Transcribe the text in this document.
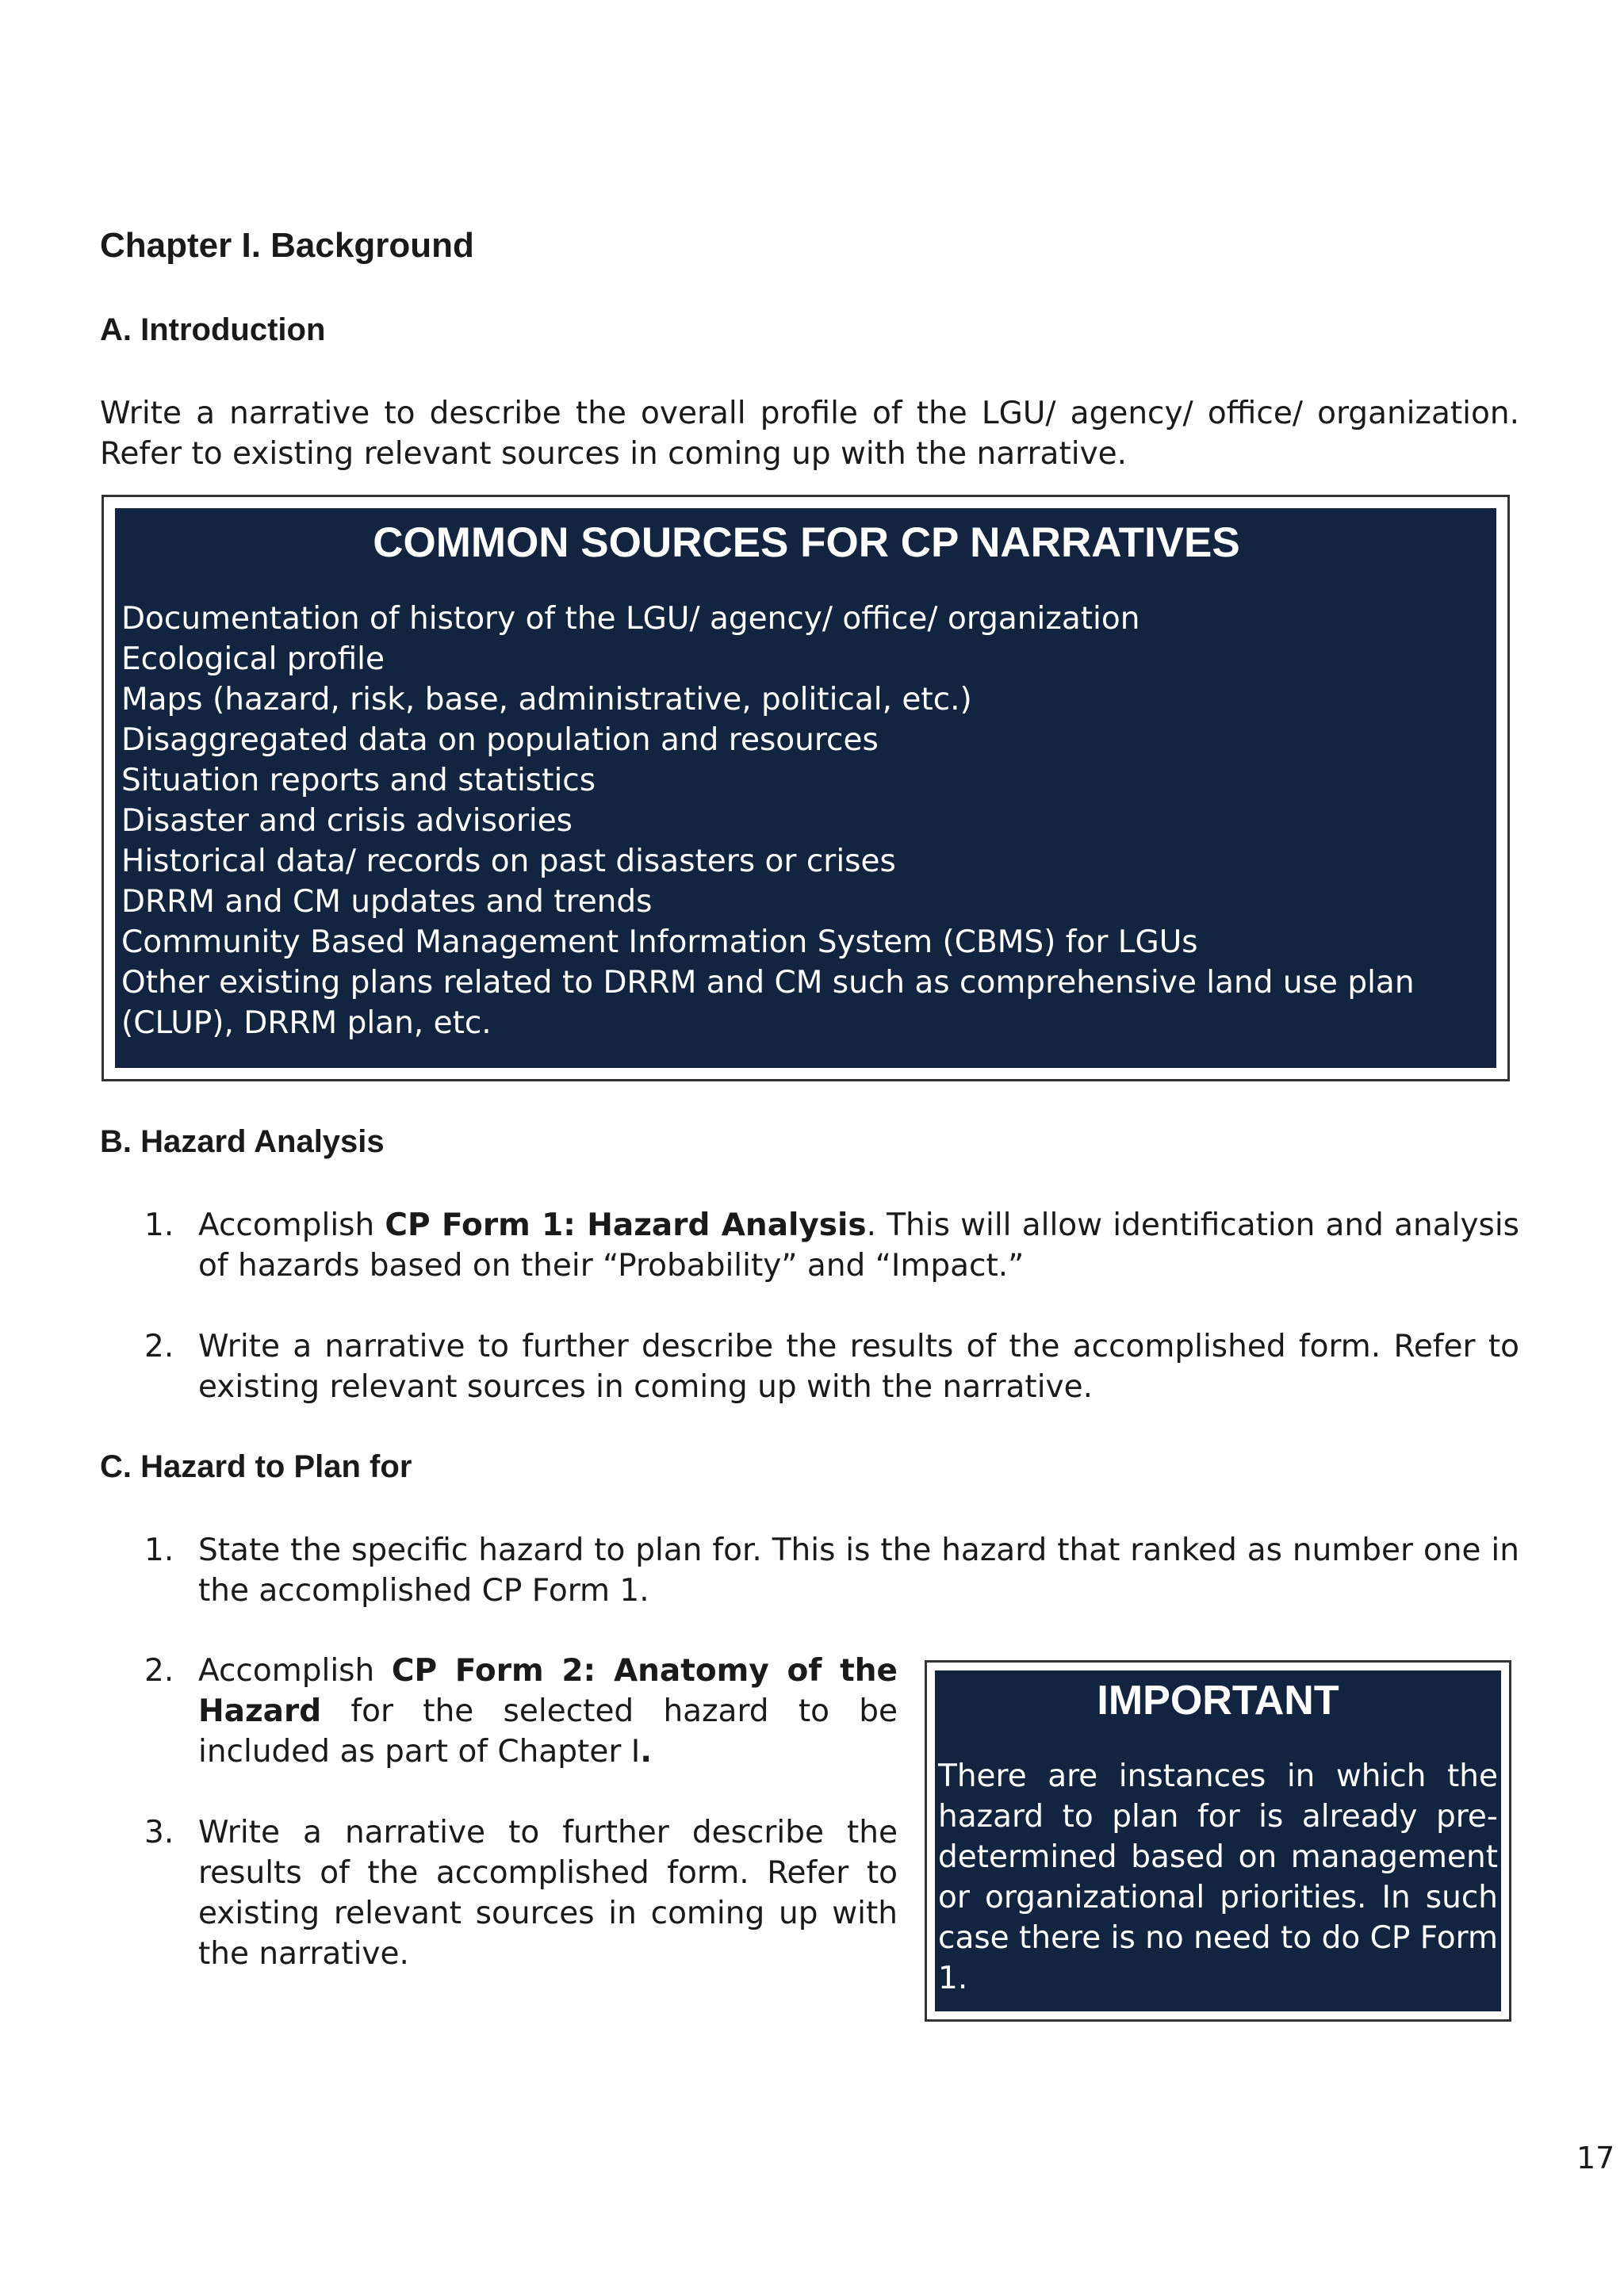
Chapter I. Background
A. Introduction

Write a narrative to describe the overall profile of the LGU/ agency/ office/ organization. Refer to existing relevant sources in coming up with the narrative.

COMMON SOURCES FOR CP NARRATIVES
Documentation of history of the LGU/ agency/ office/ organization
Ecological profile
Maps (hazard, risk, base, administrative, political, etc.)
Disaggregated data on population and resources
Situation reports and statistics
Disaster and crisis advisories
Historical data/ records on past disasters or crises
DRRM and CM updates and trends
Community Based Management Information System (CBMS) for LGUs
Other existing plans related to DRRM and CM such as comprehensive land use plan (CLUP), DRRM plan, etc.
B. Hazard Analysis
1. Accomplish CP Form 1: Hazard Analysis. This will allow identification and analysis of hazards based on their “Probability” and “Impact.”
2. Write a narrative to further describe the results of the accomplished form. Refer to existing relevant sources in coming up with the narrative.
C. Hazard to Plan for
1. State the specific hazard to plan for. This is the hazard that ranked as number one in the accomplished CP Form 1.
2. Accomplish CP Form 2: Anatomy of the Hazard for the selected hazard to be included as part of Chapter I.
3. Write a narrative to further describe the results of the accomplished form. Refer to existing relevant sources in coming up with the narrative.
IMPORTANT

There are instances in which the hazard to plan for is already pre-determined based on management or organizational priorities. In such case there is no need to do CP Form 1.

17
